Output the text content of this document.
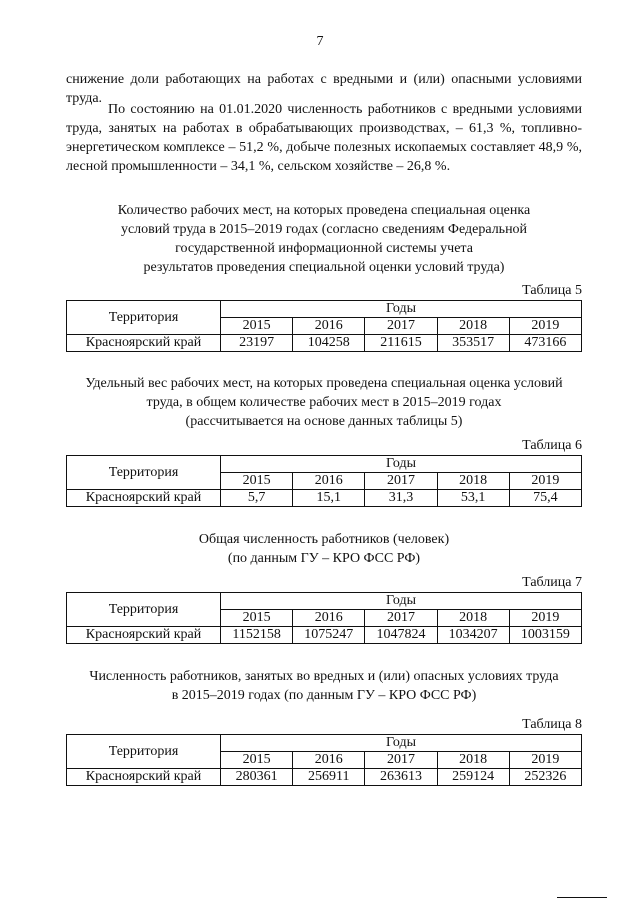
7

снижение доли работающих на работах с вредными и (или) опасными условиями труда.

По состоянию на 01.01.2020 численность работников с вредными условиями труда, занятых на работах в обрабатывающих производствах, – 61,3 %, топливно-энергетическом комплексе – 51,2 %, добыче полезных ископаемых составляет 48,9 %, лесной промышленности – 34,1 %, сельском хозяйстве – 26,8 %.

Количество рабочих мест, на которых проведена специальная оценка
условий труда в 2015–2019 годах (согласно сведениям Федеральной
государственной информационной системы учета
результатов проведения специальной оценки условий труда)
Таблица 5
Территория	Годы				
	2015	2016	2017	2018	2019
Красноярский край	23197	104258	211615	353517	473166
Удельный вес рабочих мест, на которых проведена специальная оценка условий
труда, в общем количестве рабочих мест в 2015–2019 годах
(рассчитывается на основе данных таблицы 5)
Таблица 6
Территория	Годы				
	2015	2016	2017	2018	2019
Красноярский край	5,7	15,1	31,3	53,1	75,4
Общая численность работников (человек)
(по данным ГУ – КРО ФСС РФ)
Таблица 7
Территория	Годы				
	2015	2016	2017	2018	2019
Красноярский край	1152158	1075247	1047824	1034207	1003159
Численность работников, занятых во вредных и (или) опасных условиях труда
в 2015–2019 годах (по данным ГУ – КРО ФСС РФ)
Таблица 8
Территория	Годы				
	2015	2016	2017	2018	2019
Красноярский край	280361	256911	263613	259124	252326
